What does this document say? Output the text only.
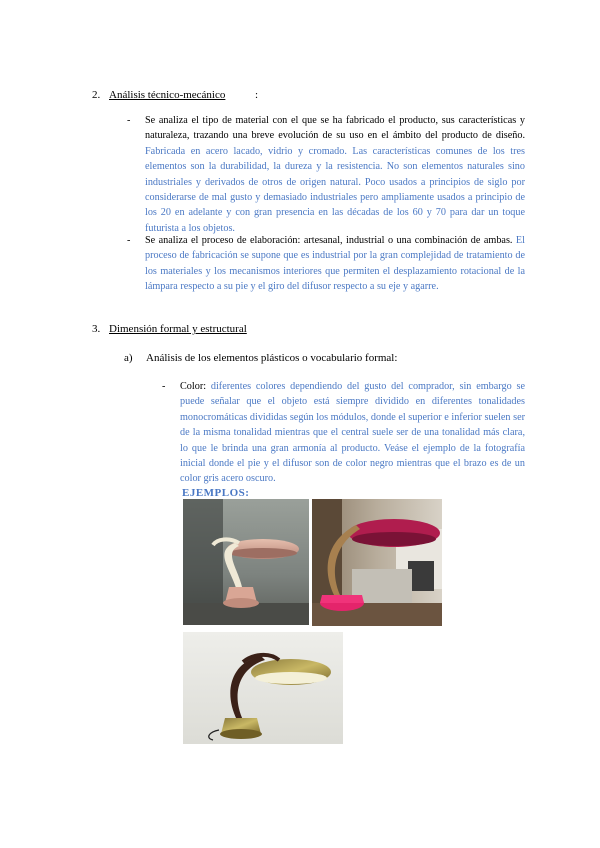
2. Análisis técnico-mecánico	:
- Se analiza el tipo de material con el que se ha fabricado el producto, sus características y naturaleza, trazando una breve evolución de su uso en el ámbito del producto de diseño. Fabricada en acero lacado, vidrio y cromado. Las características comunes de los tres elementos son la durabilidad, la dureza y la resistencia. No son elementos naturales sino industriales y derivados de otros de origen natural. Poco usados a principios de siglo por considerarse de mal gusto y demasiado industriales pero ampliamente usados a principio de los 20 en adelante y con gran presencia en las décadas de los 60 y 70 para dar un toque futurista a los objetos.
- Se analiza el proceso de elaboración: artesanal, industrial o una combinación de ambas. El proceso de fabricación se supone que es industrial por la gran complejidad de tratamiento de los materiales y los mecanismos interiores que permiten el desplazamiento rotacional de la lámpara respecto a su pie y el giro del difusor respecto a su eje y agarre.
3. Dimensión formal y estructural
a) Análisis de los elementos plásticos o vocabulario formal:
- Color: diferentes colores dependiendo del gusto del comprador, sin embargo se puede señalar que el objeto está siempre dividido en diferentes tonalidades monocromáticas divididas según los módulos, donde el superior e inferior suelen ser de la misma tonalidad mientras que el central suele ser de una tonalidad más clara, lo que le brinda una gran armonía al producto. Veáse el ejemplo de la fotografía inicial donde el pie y el difusor son de color negro mientras que el brazo es de un color gris acero oscuro.
EJEMPLOS:
